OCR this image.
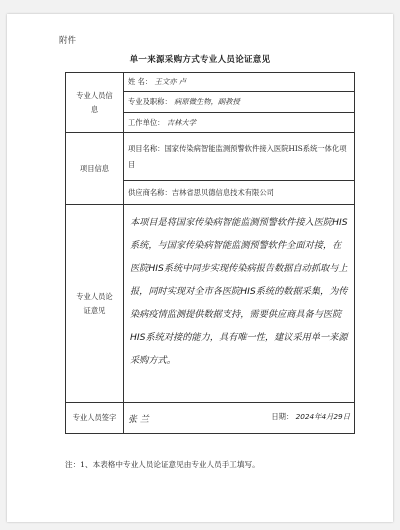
附件
单一来源采购方式专业人员论证意见
专业人员信息	姓 名： 王文亦 卢
	专业及职称： 病原微生物，副教授
	工作单位： 吉林大学
项目信息	项目名称：国家传染病智能监测预警软件接入医院HIS系统一体化项目
	供应商名称：吉林省思贝德信息技术有限公司
专业人员论证意见	本项目是将国家传染病智能监测预警软件接入医院HIS系统，与国家传染病智能监测预警软件全面对接，在医院HIS系统中同步实现传染病报告数据自动抓取与上报，同时实现对全市各医院HIS系统的数据采集，为传染病疫情监测提供数据支持，需要供应商具备与医院HIS系统对接的能力，具有唯一性，建议采用单一来源采购方式。
专业人员签字	张 兰 日期： 2024年4月29日
注：1、本表格中专业人员论证意见由专业人员手工填写。
